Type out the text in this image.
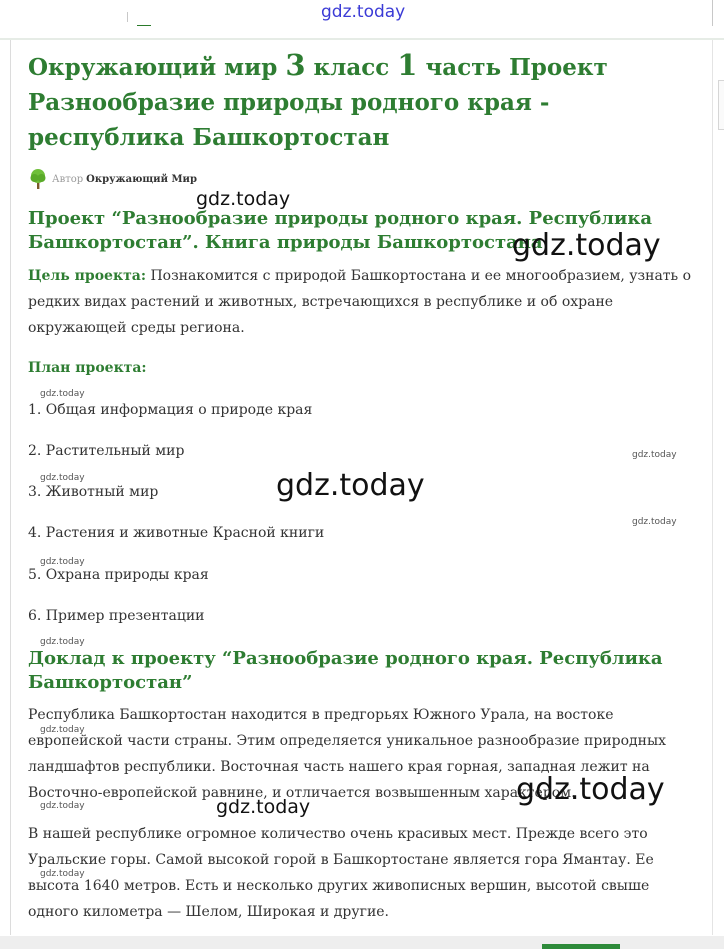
gdz.today
Окружающий мир 3 класс 1 часть Проект Разнообразие природы родного края - республика Башкортостан
Автор Окружающий Мир
Проект “Разнообразие природы родного края. Республика Башкортостан”. Книга природы Башкортостана

Цель проекта: Познакомится с природой Башкортостана и ее многообразием, узнать о редких видах растений и животных, встречающихся в республике и об охране окружающей среды региона.

План проекта:
1. Общая информация о природе края
2. Растительный мир
3. Животный мир
4. Растения и животные Красной книги
5. Охрана природы края
6. Пример презентации
Доклад к проекту “Разнообразие родного края. Республика Башкортостан”

Республика Башкортостан находится в предгорьях Южного Урала, на востоке европейской части страны. Этим определяется уникальное разнообразие природных ландшафтов республики. Восточная часть нашего края горная, западная лежит на Восточно-европейской равнине, и отличается возвышенным характером.

В нашей республике огромное количество очень красивых мест. Прежде всего это Уральские горы. Самой высокой горой в Башкортостане является гора Ямантау. Ее высота 1640 метров. Есть и несколько других живописных вершин, высотой свыше одного километра — Шелом, Широкая и другие.

gdz.today
gdz.today
gdz.today
gdz.today
gdz.today	gdz.today
gdz.today
gdz.today
gdz.today
gdz.today
gdz.today
gdz.today	gdz.today
gdz.today
